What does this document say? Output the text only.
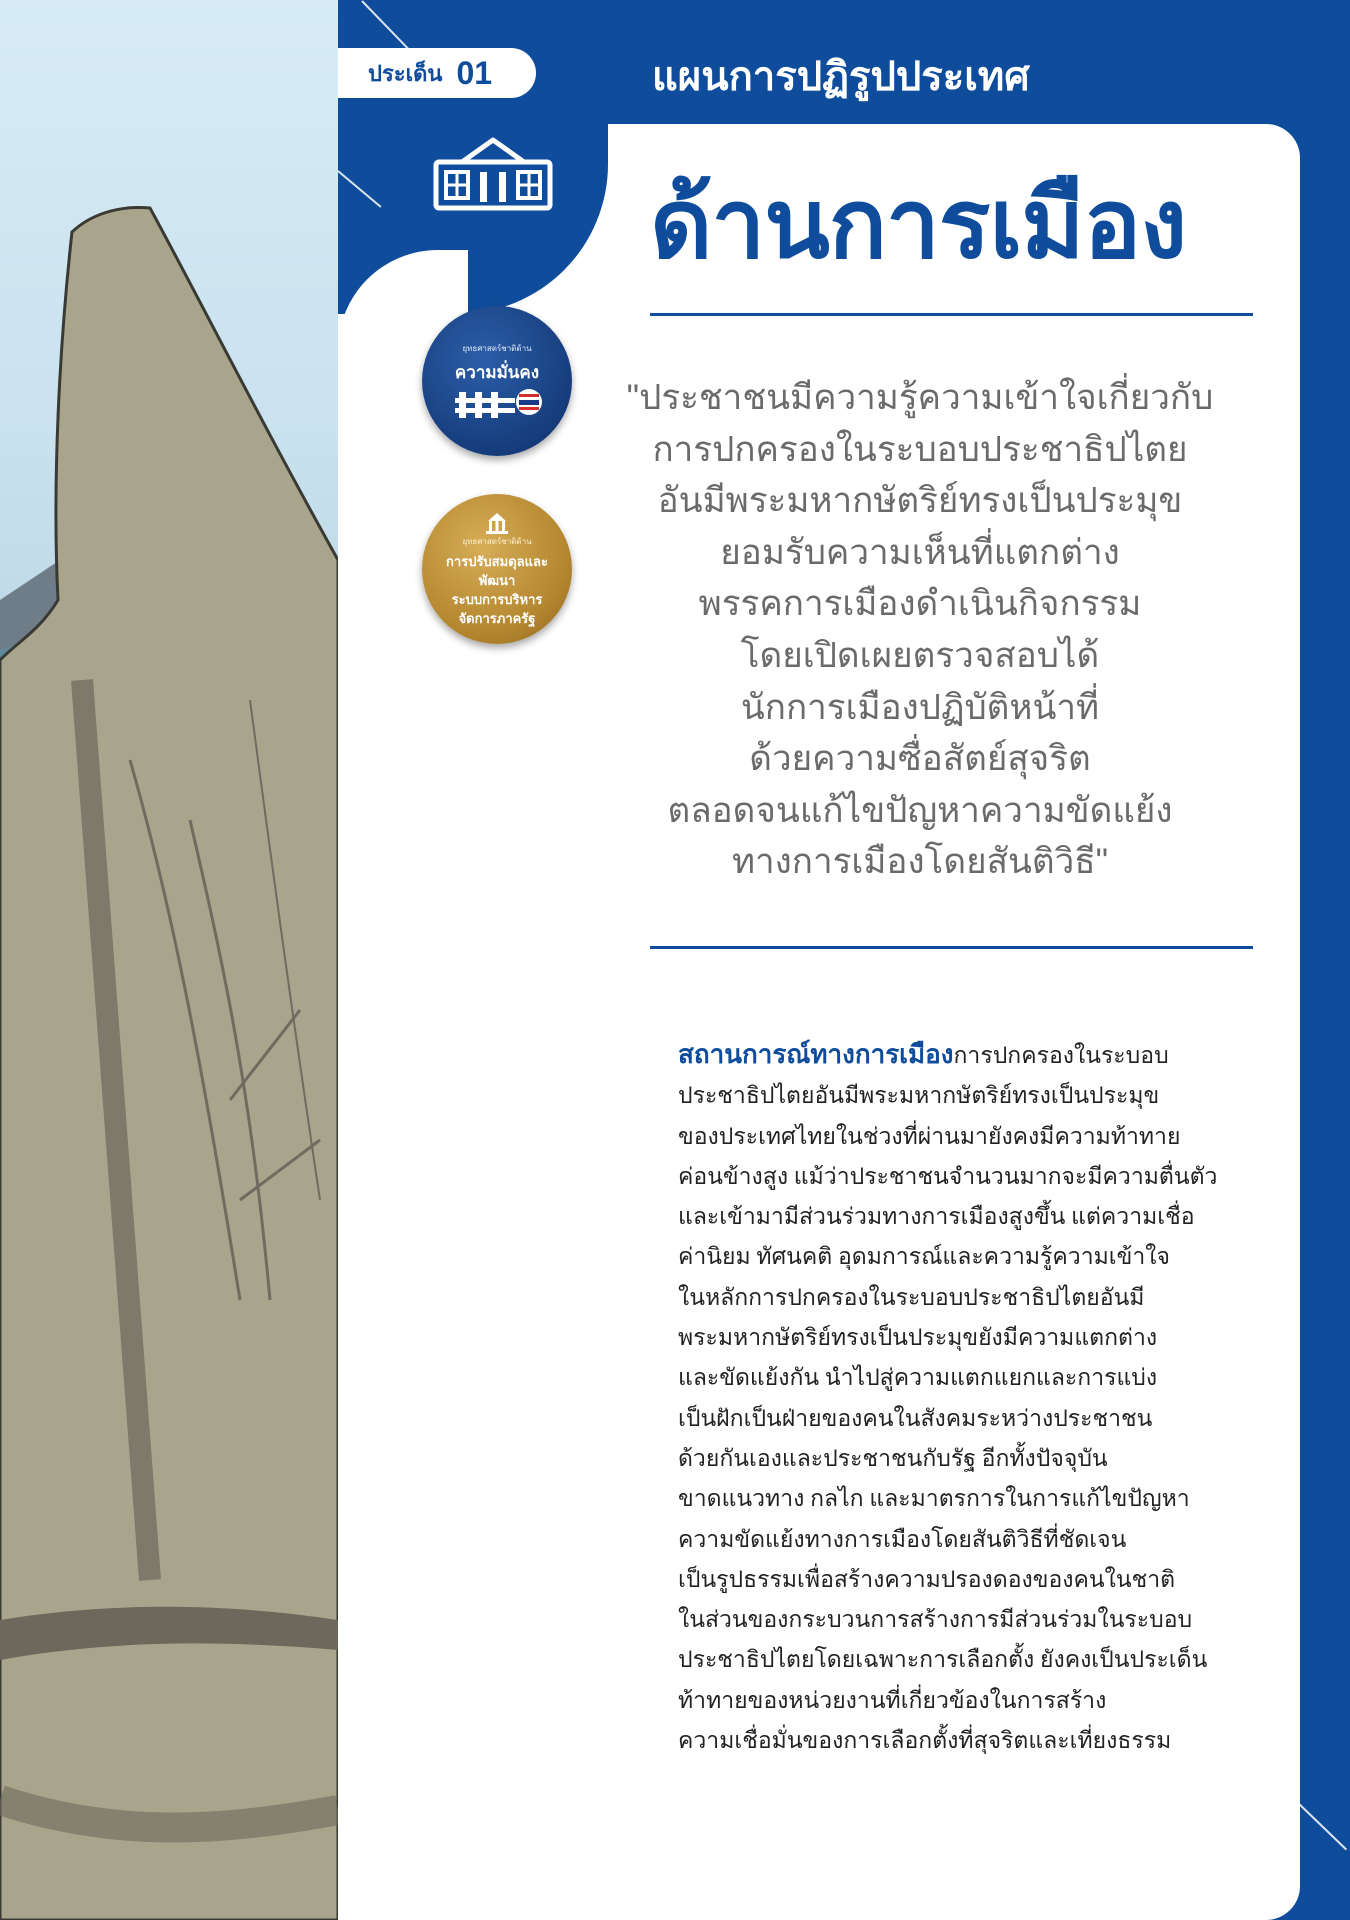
ประเด็น 01	แผนการปฏิรูปประเทศ
ด้านการเมือง
ยุทธศาสตร์ชาติด้าน
ความมั่นคง
ยุทธศาสตร์ชาติด้าน
การปรับสมดุลและ
พัฒนา
ระบบการบริหาร
จัดการภาครัฐ
"ประชาชนมีความรู้ความเข้าใจเกี่ยวกับ
การปกครองในระบอบประชาธิปไตย
อันมีพระมหากษัตริย์ทรงเป็นประมุข
ยอมรับความเห็นที่แตกต่าง
พรรคการเมืองดำเนินกิจกรรม
โดยเปิดเผยตรวจสอบได้
นักการเมืองปฏิบัติหน้าที่
ด้วยความซื่อสัตย์สุจริต
ตลอดจนแก้ไขปัญหาความขัดแย้ง
ทางการเมืองโดยสันติวิธี"
สถานการณ์ทางการเมืองการปกครองในระบอบ
ประชาธิปไตยอันมีพระมหากษัตริย์ทรงเป็นประมุข
ของประเทศไทยในช่วงที่ผ่านมายังคงมีความท้าทาย
ค่อนข้างสูง แม้ว่าประชาชนจำนวนมากจะมีความตื่นตัว
และเข้ามามีส่วนร่วมทางการเมืองสูงขึ้น แต่ความเชื่อ
ค่านิยม ทัศนคติ อุดมการณ์และความรู้ความเข้าใจ
ในหลักการปกครองในระบอบประชาธิปไตยอันมี
พระมหากษัตริย์ทรงเป็นประมุขยังมีความแตกต่าง
และขัดแย้งกัน นำไปสู่ความแตกแยกและการแบ่ง
เป็นฝักเป็นฝ่ายของคนในสังคมระหว่างประชาชน
ด้วยกันเองและประชาชนกับรัฐ อีกทั้งปัจจุบัน
ขาดแนวทาง กลไก และมาตรการในการแก้ไขปัญหา
ความขัดแย้งทางการเมืองโดยสันติวิธีที่ชัดเจน
เป็นรูปธรรมเพื่อสร้างความปรองดองของคนในชาติ
ในส่วนของกระบวนการสร้างการมีส่วนร่วมในระบอบ
ประชาธิปไตยโดยเฉพาะการเลือกตั้ง ยังคงเป็นประเด็น
ท้าทายของหน่วยงานที่เกี่ยวข้องในการสร้าง
ความเชื่อมั่นของการเลือกตั้งที่สุจริตและเที่ยงธรรม
51
